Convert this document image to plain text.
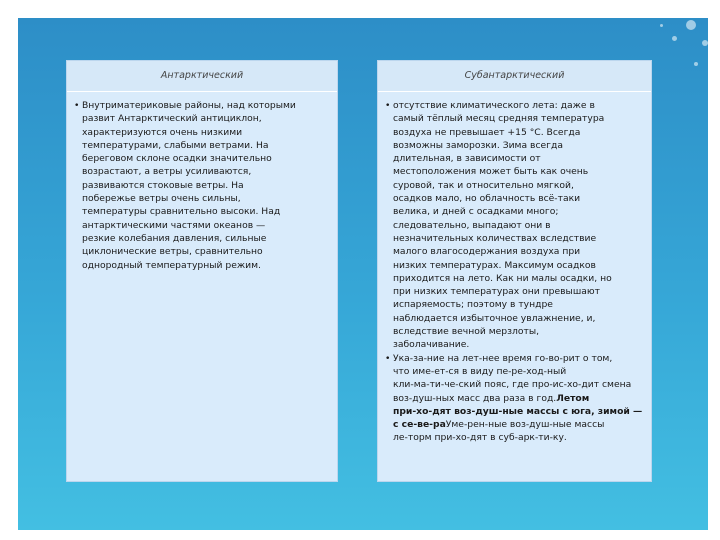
Антарктический
• Внутриматериковые районы, над которыми
развит Антарктический антициклон,
характеризуются очень низкими
температурами, слабыми ветрами. На
береговом склоне осадки значительно
возрастают, а ветры усиливаются,
развиваются стоковые ветры. На
побережье ветры очень сильны,
температуры сравнительно высоки. Над
антарктическими частями океанов —
резкие колебания давления, сильные
циклонические ветры, сравнительно
однородный температурный режим.
Субантарктический
• отсутствие климатического лета: даже в
самый тёплый месяц средняя температура
воздуха не превышает +15 °С. Всегда
возможны заморозки. Зима всегда
длительная, в зависимости от
местоположения может быть как очень
суровой, так и относительно мягкой,
осадков мало, но облачность всё-таки
велика, и дней с осадками много;
следовательно, выпадают они в
незначительных количествах вследствие
малого влагосодержания воздуха при
низких температурах. Максимум осадков
приходится на лето. Как ни малы осадки, но
при низких температурах они превышают
испаряемость; поэтому в тундре
наблюдается избыточное увлажнение, и,
вследствие вечной мерзлоты,
заболачивание.
• Ука-за-ние на лет-нее время го-во-рит о том,
что име-ет-ся в виду пе-ре-ход-ный
кли-ма-ти-че-ский пояс, где про-ис-хо-дит смена
воз-душ-ных масс два раза в год.Летом
при-хо-дят воз-душ-ные массы с юга, зимой —
с се-ве-раУме-рен-ные воз-душ-ные массы
ле-торм при-хо-дят в суб-арк-ти-ку.
